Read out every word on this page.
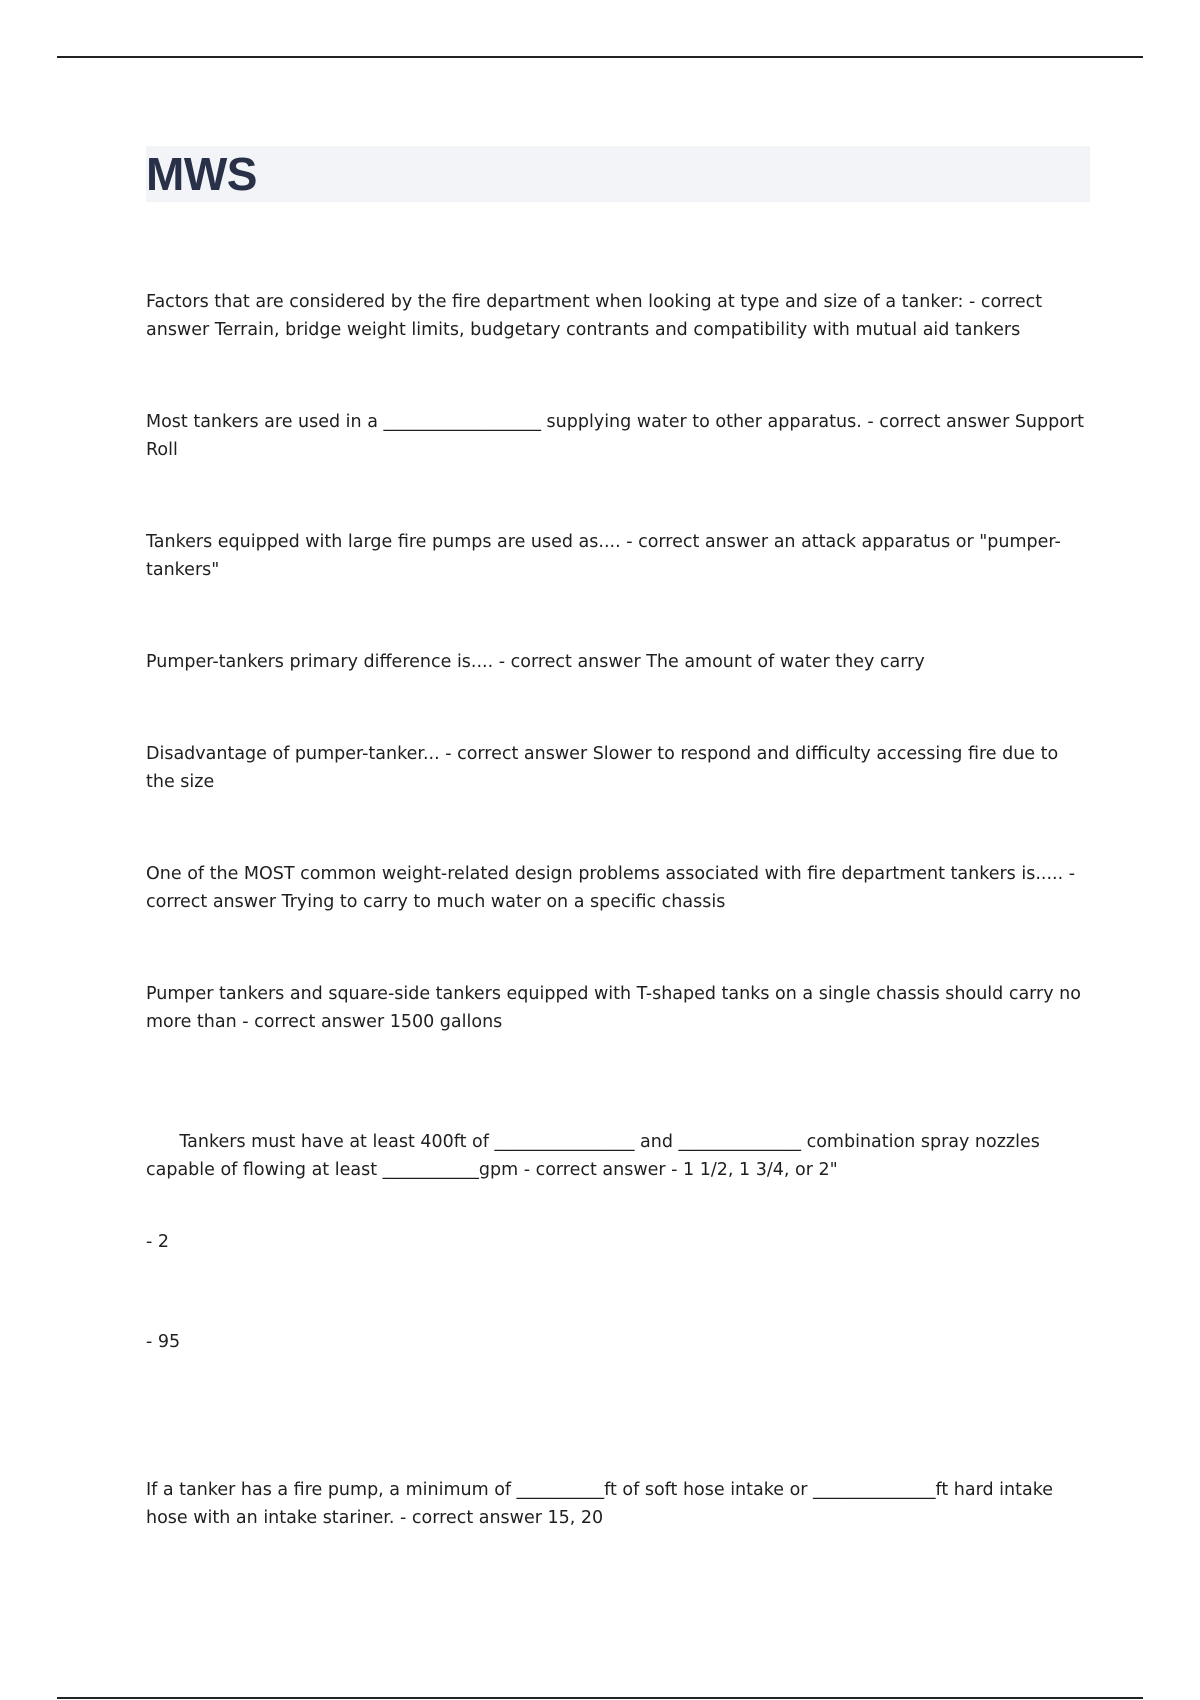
MWS

Factors that are considered by the fire department when looking at type and size of a tanker: - correct answer Terrain, bridge weight limits, budgetary contrants and compatibility with mutual aid tankers

Most tankers are used in a __________________ supplying water to other apparatus. - correct answer Support Roll

Tankers equipped with large fire pumps are used as.... - correct answer an attack apparatus or "pumper-tankers"

Pumper-tankers primary difference is.... - correct answer The amount of water they carry

Disadvantage of pumper-tanker... - correct answer Slower to respond and difficulty accessing fire due to the size

One of the MOST common weight-related design problems associated with fire department tankers is..... - correct answer Trying to carry to much water on a specific chassis

Pumper tankers and square-side tankers equipped with T-shaped tanks on a single chassis should carry no more than - correct answer 1500 gallons

Tankers must have at least 400ft of ________________ and ______________ combination spray nozzles capable of flowing at least ___________gpm - correct answer - 1 1/2, 1 3/4, or 2"

- 2

- 95

If a tanker has a fire pump, a minimum of __________ft of soft hose intake or ______________ft hard intake hose with an intake stariner. - correct answer 15, 20
